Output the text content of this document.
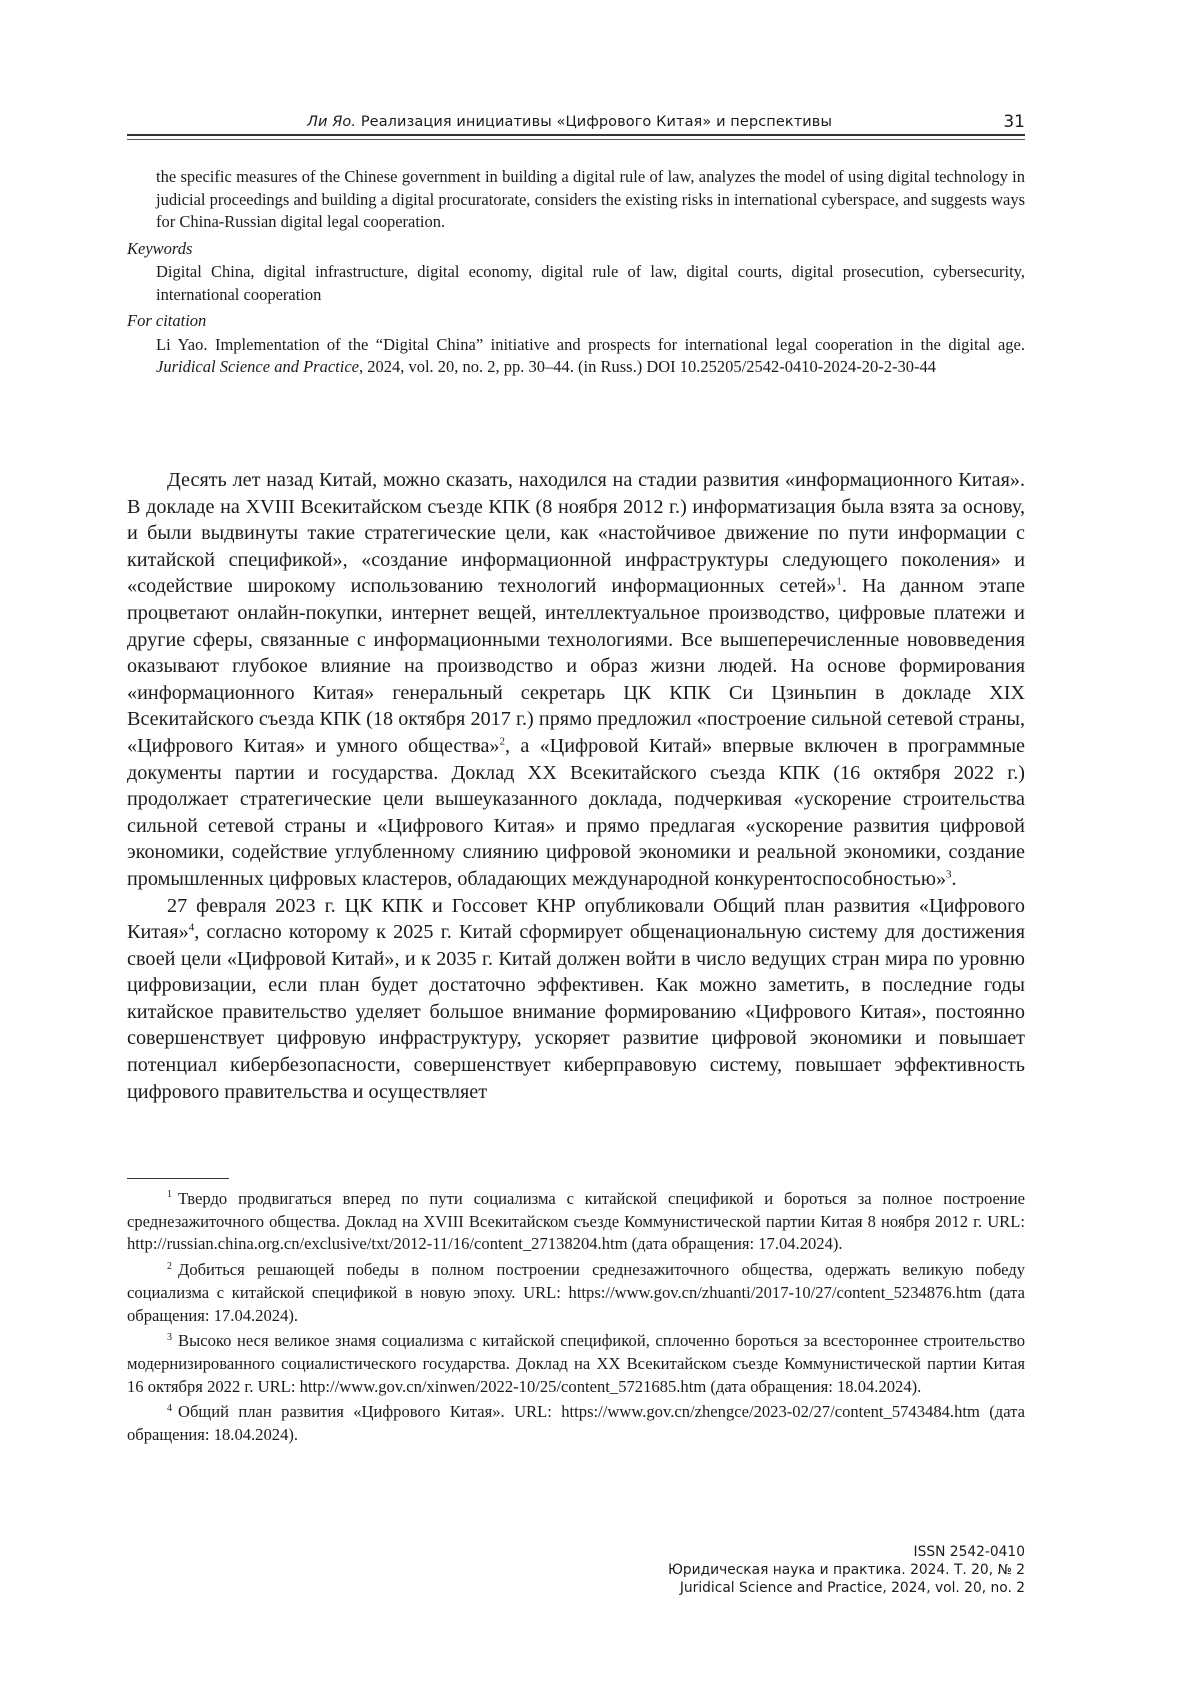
Ли Яо. Реализация инициативы «Цифрового Китая» и перспективы	31
the specific measures of the Chinese government in building a digital rule of law, analyzes the model of using digital technology in judicial proceedings and building a digital procuratorate, considers the existing risks in international cyberspace, and suggests ways for China-Russian digital legal cooperation.
Keywords
Digital China, digital infrastructure, digital economy, digital rule of law, digital courts, digital prosecution, cybersecurity, international cooperation
For citation
Li Yao. Implementation of the “Digital China” initiative and prospects for international legal cooperation in the digital age. Juridical Science and Practice, 2024, vol. 20, no. 2, pp. 30–44. (in Russ.) DOI 10.25205/2542-0410-2024-20-2-30-44

Десять лет назад Китай, можно сказать, находился на стадии развития «информационного Китая». В докладе на XVIII Всекитайском съезде КПК (8 ноября 2012 г.) информатизация была взята за основу, и были выдвинуты такие стратегические цели, как «настойчивое движение по пути информации с китайской спецификой», «создание информационной инфраструктуры следующего поколения» и «содействие широкому использованию технологий информационных сетей»$^1$. На данном этапе процветают онлайн-покупки, интернет вещей, интеллектуальное производство, цифровые платежи и другие сферы, связанные с информационными технологиями. Все вышеперечисленные нововведения оказывают глубокое влияние на производство и образ жизни людей. На основе формирования «информационного Китая» генеральный секретарь ЦК КПК Си Цзиньпин в докладе XIX Всекитайского съезда КПК (18 октября 2017 г.) прямо предложил «построение сильной сетевой страны, «Цифрового Китая» и умного общества»$^2$, а «Цифровой Китай» впервые включен в программные документы партии и государства. Доклад XX Всекитайского съезда КПК (16 октября 2022 г.) продолжает стратегические цели вышеуказанного доклада, подчеркивая «ускорение строительства сильной сетевой страны и «Цифрового Китая» и прямо предлагая «ускорение развития цифровой экономики, содействие углубленному слиянию цифровой экономики и реальной экономики, создание промышленных цифровых кластеров, обладающих международной конкурентоспособностью»$^3$.

27 февраля 2023 г. ЦК КПК и Госсовет КНР опубликовали Общий план развития «Цифрового Китая»$^4$, согласно которому к 2025 г. Китай сформирует общенациональную систему для достижения своей цели «Цифровой Китай», и к 2035 г. Китай должен войти в число ведущих стран мира по уровню цифровизации, если план будет достаточно эффективен. Как можно заметить, в последние годы китайское правительство уделяет большое внимание формированию «Цифрового Китая», постоянно совершенствует цифровую инфраструктуру, ускоряет развитие цифровой экономики и повышает потенциал кибербезопасности, совершенствует киберправовую систему, повышает эффективность цифрового правительства и осуществляет

$^1$ Твердо продвигаться вперед по пути социализма с китайской спецификой и бороться за полное построение среднезажиточного общества. Доклад на XVIII Всекитайском съезде Коммунистической партии Китая 8 ноября 2012 г. URL: http://russian.china.org.cn/exclusive/txt/2012-11/16/content_27138204.htm (дата обращения: 17.04.2024).
$^2$ Добиться решающей победы в полном построении среднезажиточного общества, одержать великую победу социализма с китайской спецификой в новую эпоху. URL: https://www.gov.cn/zhuanti/2017-10/27/content_5234876.htm (дата обращения: 17.04.2024).
$^3$ Высоко неся великое знамя социализма с китайской спецификой, сплоченно бороться за всестороннее строительство модернизированного социалистического государства. Доклад на XX Всекитайском съезде Коммунистической партии Китая 16 октября 2022 г. URL: http://www.gov.cn/xinwen/2022-10/25/content_5721685.htm (дата обращения: 18.04.2024).
$^4$ Общий план развития «Цифрового Китая». URL: https://www.gov.cn/zhengce/2023-02/27/content_5743484.htm (дата обращения: 18.04.2024).
ISSN 2542-0410
Юридическая наука и практика. 2024. Т. 20, № 2
Juridical Science and Practice, 2024, vol. 20, no. 2
